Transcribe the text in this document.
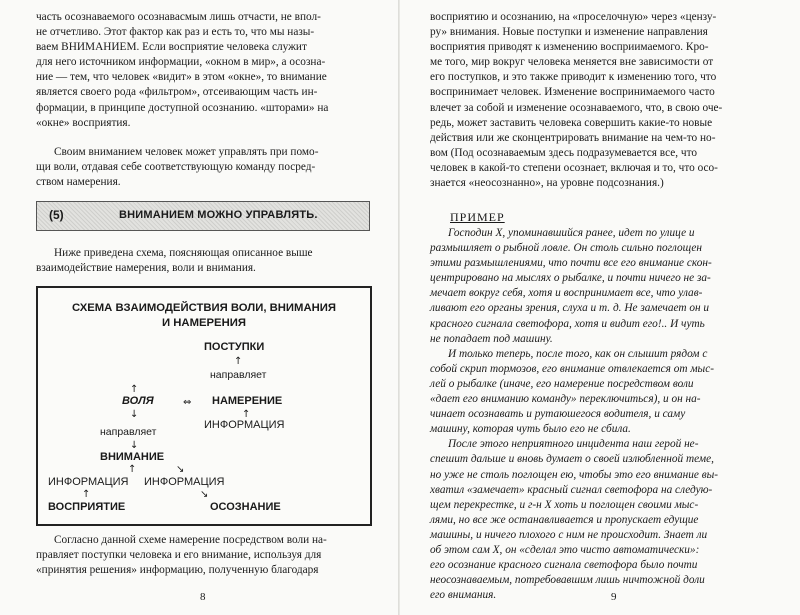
часть осознаваемого осознавасмым лишь отчасти, не впол-

не отчетливо. Этот фактор как раз и есть то, что мы назы-

ваем ВНИМАНИЕМ. Если восприятие человека служит

для него источником информации, «окном в мир», а осозна-

ние — тем, что человек «видит» в этом «окне», то внимание

является своего рода «фильтром», отсеивающим часть ин-

формации, в принципе доступной осознанию. «шторами» на

«окне» восприятия.

Своим вниманием человек может управлять при помо-

щи воли, отдавая себе соответствующую команду посред-

ством намерения.

(5)	ВНИМАНИЕМ МОЖНО УПРАВЛЯТЬ.

Ниже приведена схема, поясняющая описанное выше

взаимодействие намерения, воли и внимания.

СХЕМА ВЗАИМОДЕЙСТВИЯ ВОЛИ, ВНИМАНИЯ
И НАМЕРЕНИЯ
ПОСТУПКИ
↑
направляет
↑
ВОЛЯ	⇔ НАМЕРЕНИЕ
↓	↑
ИНФОРМАЦИЯ
направляет
↓
ВНИМАНИЕ
↑	↘
ИНФОРМАЦИЯ ИНФОРМАЦИЯ
↑	↘
ВОСПРИЯТИЕ	ОСОЗНАНИЕ

Согласно данной схеме намерение посредством воли на-

правляет поступки человека и его внимание, используя для

«принятия решения» информацию, полученную благодаря

8

восприятию и осознанию, на «проселочную» через «цензу-

ру» внимания. Новые поступки и изменение направления

восприятия приводят к изменению восприимаемого. Кро-

ме того, мир вокруг человека меняется вне зависимости от

его поступков, и это также приводит к изменению того, что

воспринимает человек. Изменение воспринимаемого часто

влечет за собой и изменение осознаваемого, что, в свою оче-

редь, может заставить человека совершить какие-то новые

действия или же сконцентрировать внимание на чем-то но-

вом (Под осознаваемым здесь подразумевается все, что

человек в какой-то степени осознает, включая и то, что осо-

знается «неосознанно», на уровне подсознания.)

ПРИМЕР

Господин Х, упоминавшийся ранее, идет по улице и

размышляет о рыбной ловле. Он столь сильно поглощен

этими размышлениями, что почти все его внимание скон-

центрировано на мыслях о рыбалке, и почти ничего не за-

мечает вокруг себя, хотя и воспринимает все, что улав-

ливают его органы зрения, слуха и т. д. Не замечает он и

красного сигнала светофора, хотя и видит его!.. И чуть

не попадает под машину.

И только теперь, после того, как он слышит рядом с

собой скрип тормозов, его внимание отвлекается от мыс-

лей о рыбалке (иначе, его намерение посредством воли

«дает его вниманию команду» переключиться), и он на-

чинает осознавать и рутаюшегося водителя, и саму

машину, которая чуть было его не сбила.

После этого неприятного инцидента наш герой не-

спешит дальше и вновь думает о своей излюбленной теме,

но уже не столь поглощен ею, чтобы это его внимание вы-

хватил «замечает» красный сигнал светофора на следую-

щем перекрестке, и г-н Х хоть и поглощен своими мыс-

лями, но все же останавливается и пропускает едущие

машины, и ничего плохого с ним не происходит. Знает ли

об этом сам Х, он «сделал это чисто автоматически»:

его осознание красного сигнала светофора было почти

неосознаваемым, потребовавшим лишь ничтожной доли

его внимания.	9
